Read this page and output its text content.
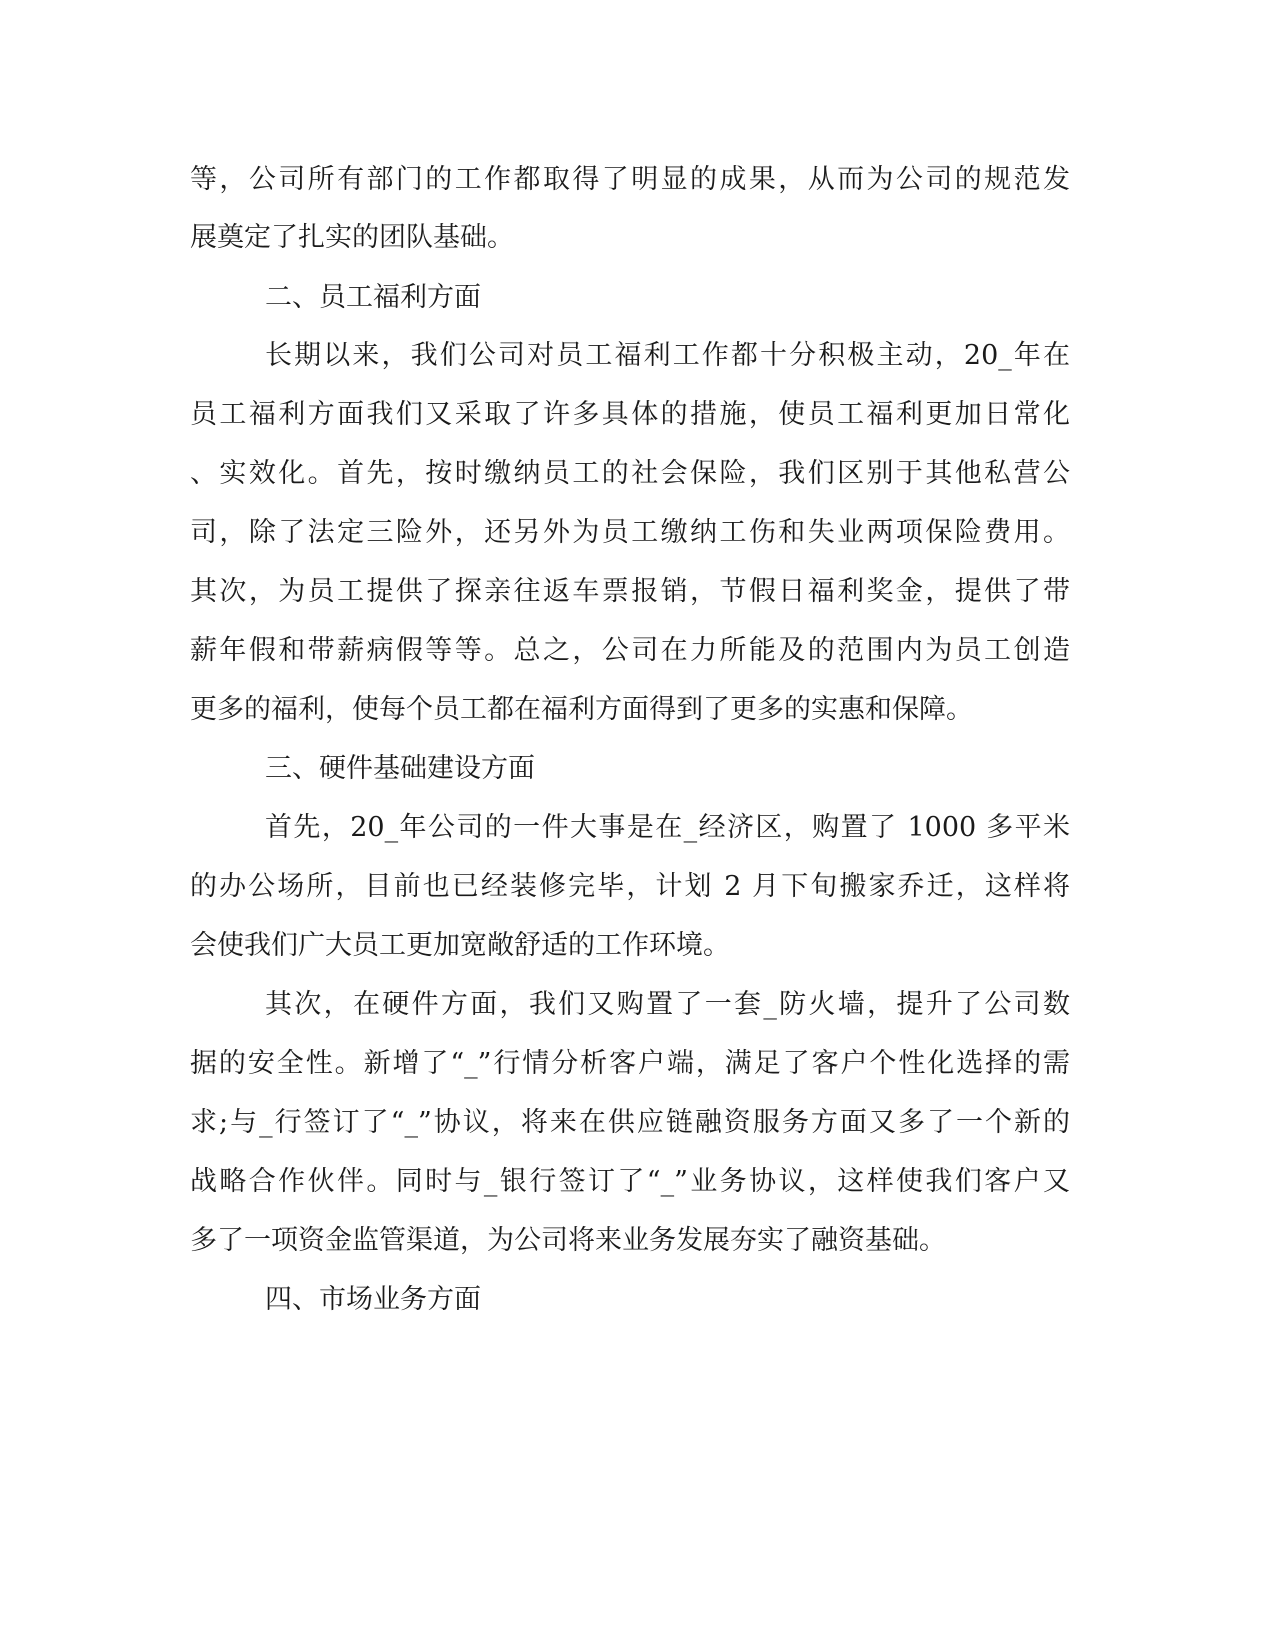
等，公司所有部门的工作都取得了明显的成果，从而为公司的规范发
展奠定了扎实的团队基础。
二、员工福利方面
长期以来，我们公司对员工福利工作都十分积极主动，20_年在
员工福利方面我们又采取了许多具体的措施，使员工福利更加日常化
、实效化。首先，按时缴纳员工的社会保险，我们区别于其他私营公
司，除了法定三险外，还另外为员工缴纳工伤和失业两项保险费用。
其次，为员工提供了探亲往返车票报销，节假日福利奖金，提供了带
薪年假和带薪病假等等。总之，公司在力所能及的范围内为员工创造
更多的福利，使每个员工都在福利方面得到了更多的实惠和保障。
三、硬件基础建设方面
首先，20_年公司的一件大事是在_经济区，购置了 1000 多平米
的办公场所，目前也已经装修完毕，计划 2 月下旬搬家乔迁，这样将
会使我们广大员工更加宽敞舒适的工作环境。
其次，在硬件方面，我们又购置了一套_防火墙，提升了公司数
据的安全性。新增了“_”行情分析客户端，满足了客户个性化选择的需
求;与_行签订了“_”协议，将来在供应链融资服务方面又多了一个新的
战略合作伙伴。同时与_银行签订了“_”业务协议，这样使我们客户又
多了一项资金监管渠道，为公司将来业务发展夯实了融资基础。
四、市场业务方面
